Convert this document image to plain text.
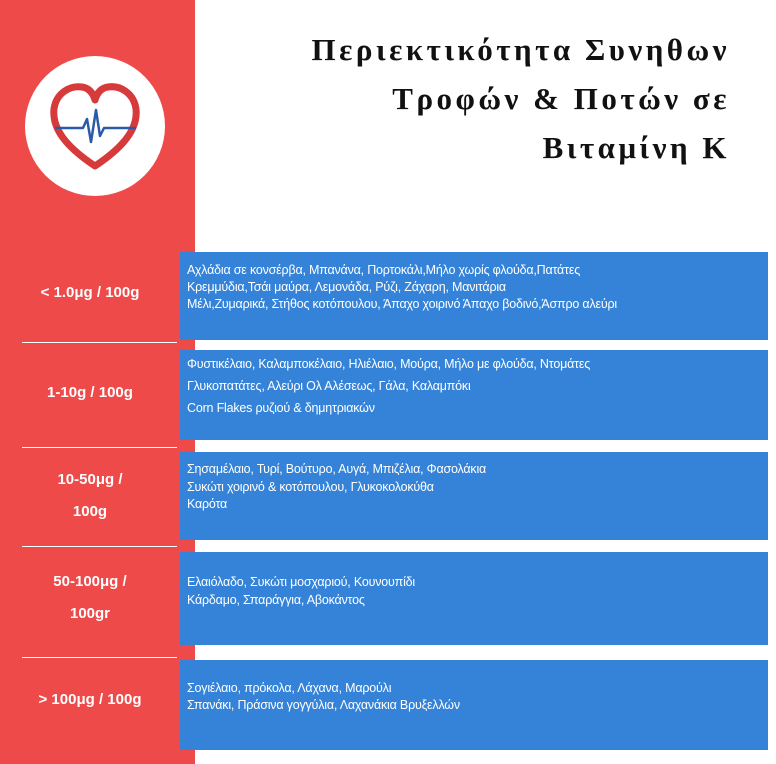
Περιεκτικότητα Συνηθων
Τροφών & Ποτών σε
Βιταμίνη Κ
< 1.0μg / 100g
Αχλάδια σε κονσέρβα, Μπανάνα, Πορτοκάλι,Μήλο χωρίς φλούδα,Πατάτες
Κρεμμύδια,Τσάι μαύρα, Λεμονάδα, Ρύζι, Ζάχαρη, Μανιτάρια
Μέλι,Ζυμαρικά, Στήθος κοτόπουλου, Άπαχο χοιρινό Άπαχο βοδινό,Άσπρο αλεύρι
1-10g / 100g
Φυστικέλαιο, Καλαμποκέλαιο, Ηλιέλαιο, Μούρα, Μήλο με φλούδα, Ντομάτες
Γλυκοπατάτες, Αλεύρι Ολ Αλέσεως, Γάλα, Καλαμπόκι
Corn Flakes ρυζιού & δημητριακών
10-50μg /
100g
Σησαμέλαιο, Τυρί, Βούτυρο, Αυγά, Μπιζέλια, Φασολάκια
Συκώτι χοιρινό & κοτόπουλου, Γλυκοκολοκύθα
Καρότα
50-100μg /
100gr
Ελαιόλαδο, Συκώτι μοσχαριού, Κουνουπίδι
Κάρδαμο, Σπαράγγια, Αβοκάντος
> 100μg / 100g
Σογιέλαιο, πρόκολα, Λάχανα, Μαρούλι
Σπανάκι, Πράσινα γογγύλια, Λαχανάκια Βρυξελλών
